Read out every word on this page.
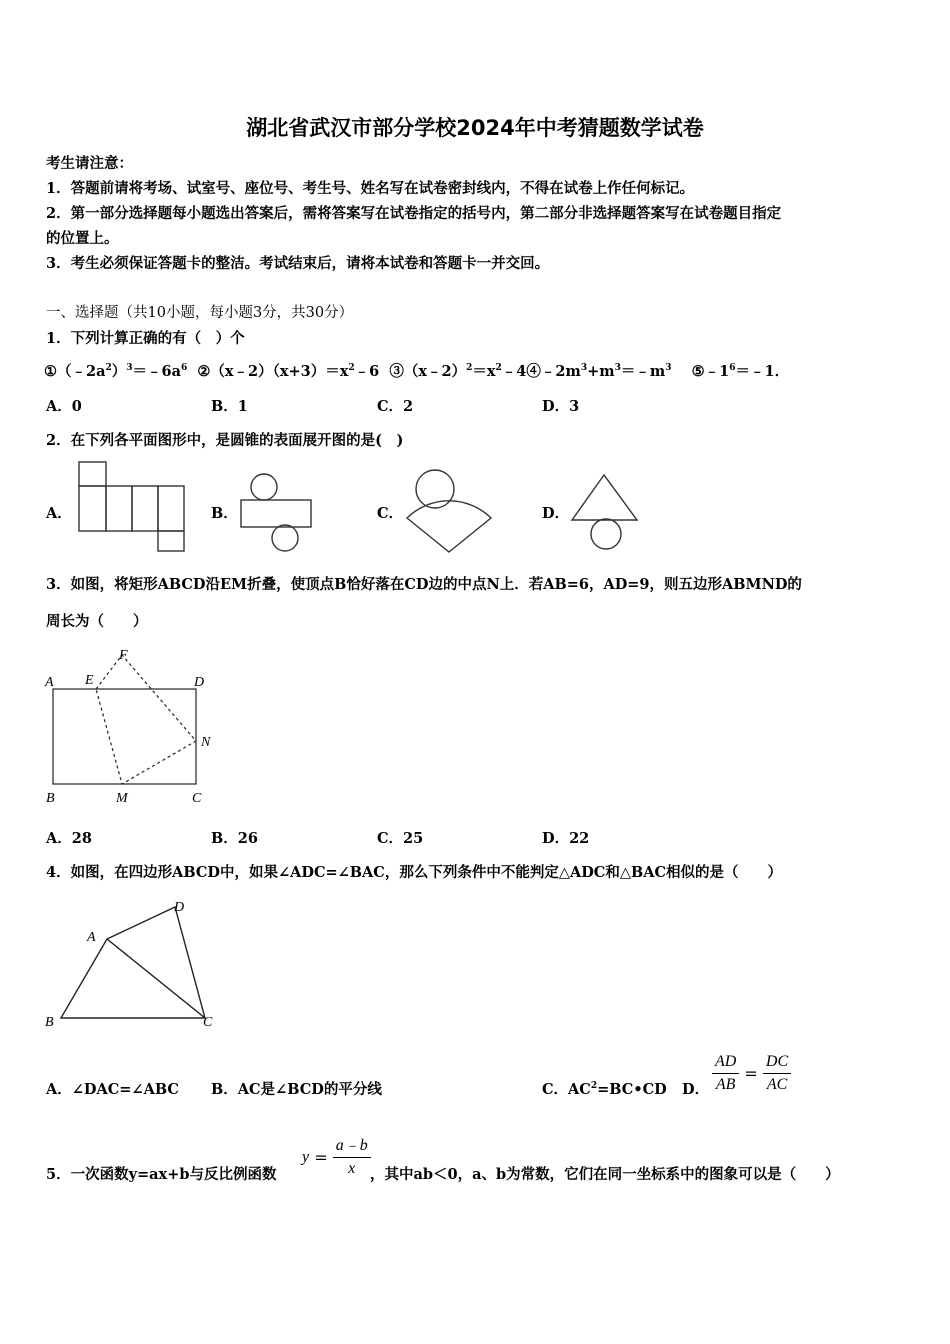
湖北省武汉市部分学校2024年中考猜题数学试卷
考生请注意：
1．答题前请将考场、试室号、座位号、考生号、姓名写在试卷密封线内，不得在试卷上作任何标记。
2．第一部分选择题每小题选出答案后，需将答案写在试卷指定的括号内，第二部分非选择题答案写在试卷题目指定
的位置上。
3．考生必须保证答题卡的整洁。考试结束后，请将本试卷和答题卡一并交回。
一、选择题（共10小题，每小题3分，共30分）
1．下列计算正确的有（　）个
$①(﹣2a^2)^3=﹣6a^6$ $②(x﹣2)(x+3)=x^2﹣6$ $③(x﹣2)^2=x^2﹣4④﹣2m^3+m^3=﹣m^3$ $⑤﹣1^6=﹣1$．
A．0	B．1	C．2	D．3
2．在下列各平面图形中，是圆锥的表面展开图的是(　)
A．	B．	C．	D．
3．如图，将矩形ABCD沿EM折叠，使顶点B恰好落在CD边的中点N上．若AB=6，AD=9，则五边形ABMND的
周长为（　　）
A E
F
D
N
B	M	C
A．28	B．26	C．25	D．22
4．如图，在四边形ABCD中，如果∠ADC=∠BAC，那么下列条件中不能判定△ADC和△BAC相似的是（　　）
A
D
B	C
A．∠DAC=∠ABC B．AC是∠BCD的平分线	C．$AC^2=BC•CD$ D． $\frac{AD}{AB} = \frac{DC}{AC}$
5．一次函数y=ax+b与反比例函数
$y = \frac{a﹣b}{x}$ ，其中ab＜0，a、b为常数，它们在同一坐标系中的图象可以是（　　）
